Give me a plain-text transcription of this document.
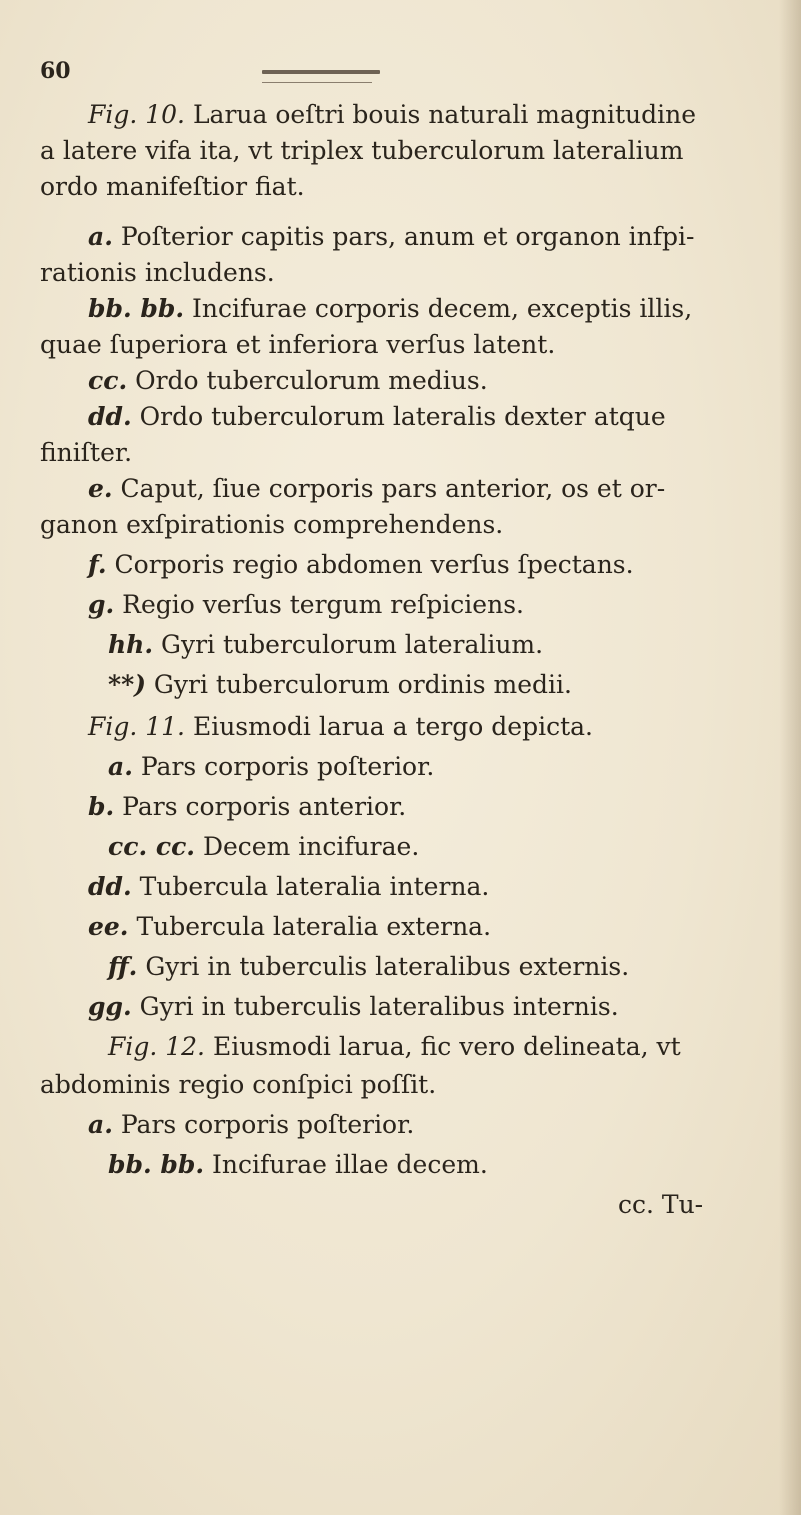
60
Fig. 10. Larua oeſtri bouis naturali magnitudine
a latere vifa ita, vt triplex tuberculorum lateralium
ordo manifeſtior fiat.
a. Poſterior capitis pars, anum et organon infpi-
rationis includens.
bb. bb. Incifurae corporis decem, exceptis illis,
quae ſuperiora et inferiora verſus latent.
cc. Ordo tuberculorum medius.
dd. Ordo tuberculorum lateralis dexter atque
finiſter.
e. Caput, ſiue corporis pars anterior, os et or-
ganon exſpirationis comprehendens.
f. Corporis regio abdomen verſus ſpectans.
g. Regio verſus tergum reſpiciens.
hh. Gyri tuberculorum lateralium.
**) Gyri tuberculorum ordinis medii.
Fig. 11. Eiusmodi larua a tergo depicta.
a. Pars corporis poſterior.
b. Pars corporis anterior.
cc. cc. Decem incifurae.
dd. Tubercula lateralia interna.
ee. Tubercula lateralia externa.
ff. Gyri in tuberculis lateralibus externis.
gg. Gyri in tuberculis lateralibus internis.
Fig. 12. Eiusmodi larua, fic vero delineata, vt
abdominis regio conſpici poſſit.
a. Pars corporis poſterior.
bb. bb. Incifurae illae decem.
cc. Tu-
